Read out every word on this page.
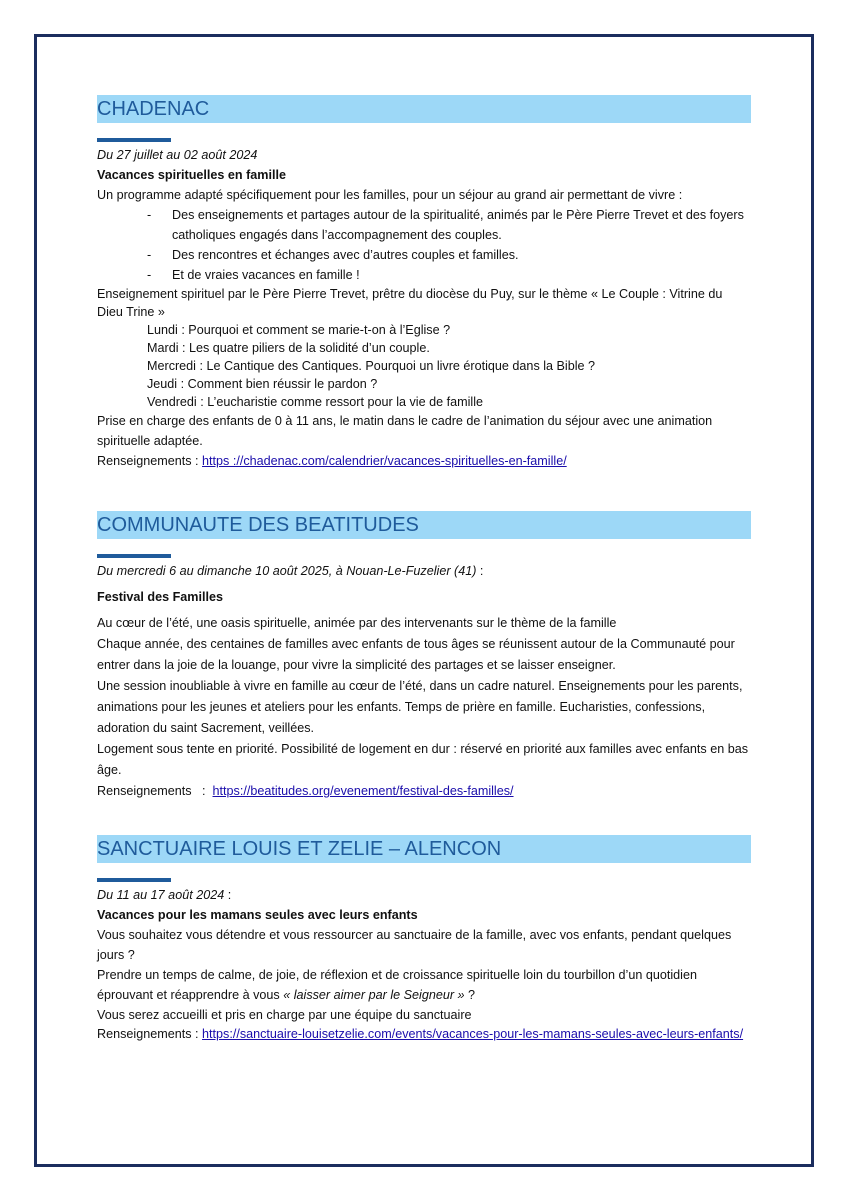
CHADENAC
Du 27 juillet au 02 août 2024
Vacances spirituelles en famille

Un programme adapté spécifiquement pour les familles, pour un séjour au grand air permettant de vivre :

- Des enseignements et partages autour de la spiritualité, animés par le Père Pierre Trevet et des foyers catholiques engagés dans l’accompagnement des couples.
- Des rencontres et échanges avec d’autres couples et familles.
- Et de vraies vacances en famille !

Enseignement spirituel par le Père Pierre Trevet, prêtre du diocèse du Puy, sur le thème « Le Couple : Vitrine du Dieu Trine »

Lundi : Pourquoi et comment se marie-t-on à l’Eglise ?
Mardi : Les quatre piliers de la solidité d’un couple.
Mercredi : Le Cantique des Cantiques. Pourquoi un livre érotique dans la Bible ?
Jeudi : Comment bien réussir le pardon ?
Vendredi : L’eucharistie comme ressort pour la vie de famille

Prise en charge des enfants de 0 à 11 ans, le matin dans le cadre de l’animation du séjour avec une animation spirituelle adaptée.

Renseignements : https ://chadenac.com/calendrier/vacances-spirituelles-en-famille/

COMMUNAUTE DES BEATITUDES
Du mercredi 6 au dimanche 10 août 2025, à Nouan-Le-Fuzelier (41) :
Festival des Familles

Au cœur de l’été, une oasis spirituelle, animée par des intervenants sur le thème de la famille

Chaque année, des centaines de familles avec enfants de tous âges se réunissent autour de la Communauté pour entrer dans la joie de la louange, pour vivre la simplicité des partages et se laisser enseigner.

Une session inoubliable à vivre en famille au cœur de l’été, dans un cadre naturel. Enseignements pour les parents, animations pour les jeunes et ateliers pour les enfants. Temps de prière en famille. Eucharisties, confessions, adoration du saint Sacrement, veillées.

Logement sous tente en priorité. Possibilité de logement en dur : réservé en priorité aux familles avec enfants en bas âge.

Renseignements   :  https://beatitudes.org/evenement/festival-des-familles/

SANCTUAIRE LOUIS ET ZELIE – ALENCON
Du 11 au 17 août 2024 :
Vacances pour les mamans seules avec leurs enfants

Vous souhaitez vous détendre et vous ressourcer au sanctuaire de la famille, avec vos enfants, pendant quelques jours ?

Prendre un temps de calme, de joie, de réflexion et de croissance spirituelle loin du tourbillon d’un quotidien éprouvant et réapprendre à vous « laisser aimer par le Seigneur » ?

Vous serez accueilli et pris en charge par une équipe du sanctuaire

Renseignements : https://sanctuaire-louisetzelie.com/events/vacances-pour-les-mamans-seules-avec-leurs-enfants/
